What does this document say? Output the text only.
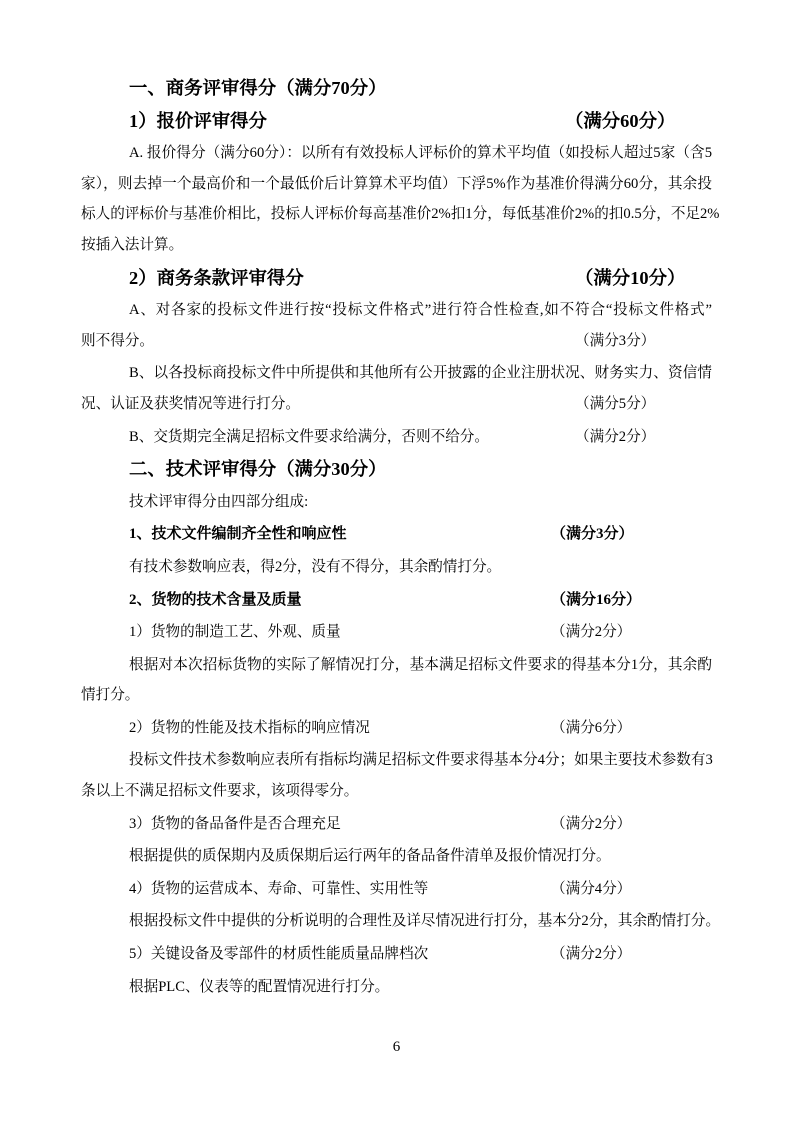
一、商务评审得分（满分70分）
1）报价评审得分	（满分60分）
A. 报价得分（满分60分）：以所有有效投标人评标价的算术平均值（如投标人超过5家（含5
家），则去掉一个最高价和一个最低价后计算算术平均值）下浮5%作为基准价得满分60分，其余投
标人的评标价与基准价相比，投标人评标价每高基准价2%扣1分，每低基准价2%的扣0.5分，不足2%
按插入法计算。
2）商务条款评审得分	（满分10分）
A、对各家的投标文件进行按“投标文件格式”进行符合性检查,如不符合“投标文件格式”
则不得分。	（满分3分）
B、以各投标商投标文件中所提供和其他所有公开披露的企业注册状况、财务实力、资信情
况、认证及获奖情况等进行打分。	（满分5分）
B、交货期完全满足招标文件要求给满分，否则不给分。	（满分2分）
二、技术评审得分（满分30分）
技术评审得分由四部分组成:
1、技术文件编制齐全性和响应性	（满分3分）
有技术参数响应表，得2分，没有不得分，其余酌情打分。
2、货物的技术含量及质量	（满分16分）
1）货物的制造工艺、外观、质量	（满分2分）
根据对本次招标货物的实际了解情况打分，基本满足招标文件要求的得基本分1分，其余酌
情打分。
2）货物的性能及技术指标的响应情况	（满分6分）
投标文件技术参数响应表所有指标均满足招标文件要求得基本分4分；如果主要技术参数有3
条以上不满足招标文件要求，该项得零分。
3）货物的备品备件是否合理充足	（满分2分）
根据提供的质保期内及质保期后运行两年的备品备件清单及报价情况打分。
4）货物的运营成本、寿命、可靠性、实用性等	（满分4分）
根据投标文件中提供的分析说明的合理性及详尽情况进行打分，基本分2分，其余酌情打分。
5）关键设备及零部件的材质性能质量品牌档次	（满分2分）
根据PLC、仪表等的配置情况进行打分。
6
